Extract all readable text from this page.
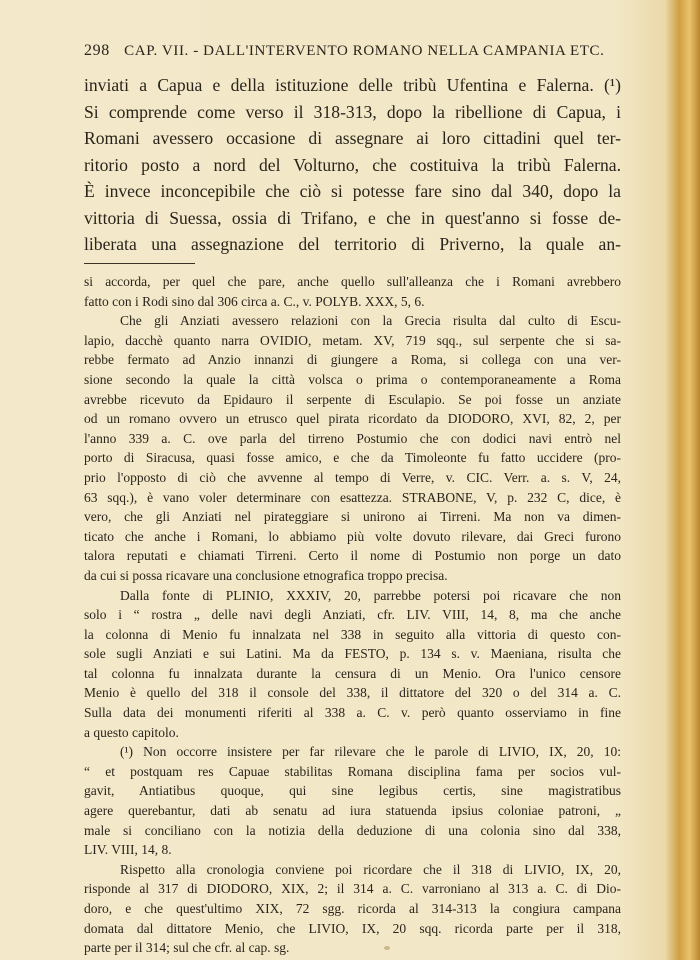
298 CAP. VII. - DALL'INTERVENTO ROMANO NELLA CAMPANIA ETC.
inviati a Capua e della istituzione delle tribù Ufentina e Falerna. (¹)
Si comprende come verso il 318-313, dopo la ribellione di Capua, i
Romani avessero occasione di assegnare ai loro cittadini quel ter-
ritorio posto a nord del Volturno, che costituiva la tribù Falerna.
È invece inconcepibile che ciò si potesse fare sino dal 340, dopo la
vittoria di Suessa, ossia di Trifano, e che in quest'anno si fosse de-
liberata una assegnazione del territorio di Priverno, la quale an-
si accorda, per quel che pare, anche quello sull'alleanza che i Romani avrebbero
fatto con i Rodi sino dal 306 circa a. C., v. POLYB. XXX, 5, 6.
Che gli Anziati avessero relazioni con la Grecia risulta dal culto di Escu-
lapio, dacchè quanto narra OVIDIO, metam. XV, 719 sqq., sul serpente che si sa-
rebbe fermato ad Anzio innanzi di giungere a Roma, si collega con una ver-
sione secondo la quale la città volsca o prima o contemporaneamente a Roma
avrebbe ricevuto da Epidauro il serpente di Esculapio. Se poi fosse un anziate
od un romano ovvero un etrusco quel pirata ricordato da DIODORO, XVI, 82, 2, per
l'anno 339 a. C. ove parla del tirreno Postumio che con dodici navi entrò nel
porto di Siracusa, quasi fosse amico, e che da Timoleonte fu fatto uccidere (pro-
prio l'opposto di ciò che avvenne al tempo di Verre, v. CIC. Verr. a. s. V, 24,
63 sqq.), è vano voler determinare con esattezza. STRABONE, V, p. 232 C, dice, è
vero, che gli Anziati nel pirateggiare si unirono ai Tirreni. Ma non va dimen-
ticato che anche i Romani, lo abbiamo più volte dovuto rilevare, dai Greci furono
talora reputati e chiamati Tirreni. Certo il nome di Postumio non porge un dato
da cui si possa ricavare una conclusione etnografica troppo precisa.
Dalla fonte di PLINIO, XXXIV, 20, parrebbe potersi poi ricavare che non
solo i “ rostra „ delle navi degli Anziati, cfr. LIV. VIII, 14, 8, ma che anche
la colonna di Menio fu innalzata nel 338 in seguito alla vittoria di questo con-
sole sugli Anziati e sui Latini. Ma da FESTO, p. 134 s. v. Maeniana, risulta che
tal colonna fu innalzata durante la censura di un Menio. Ora l'unico censore
Menio è quello del 318 il console del 338, il dittatore del 320 o del 314 a. C.
Sulla data dei monumenti riferiti al 338 a. C. v. però quanto osserviamo in fine
a questo capitolo.
(¹) Non occorre insistere per far rilevare che le parole di LIVIO, IX, 20, 10:
“ et postquam res Capuae stabilitas Romana disciplina fama per socios vul-
gavit, Antiatibus quoque, qui sine legibus certis, sine magistratibus
agere querebantur, dati ab senatu ad iura statuenda ipsius coloniae patroni, „
male si conciliano con la notizia della deduzione di una colonia sino dal 338,
LIV. VIII, 14, 8.
Rispetto alla cronologia conviene poi ricordare che il 318 di LIVIO, IX, 20,
risponde al 317 di DIODORO, XIX, 2; il 314 a. C. varroniano al 313 a. C. di Dio-
doro, e che quest'ultimo XIX, 72 sgg. ricorda al 314-313 la congiura campana
domata dal dittatore Menio, che LIVIO, IX, 20 sqq. ricorda parte per il 318,
parte per il 314; sul che cfr. al cap. sg.
